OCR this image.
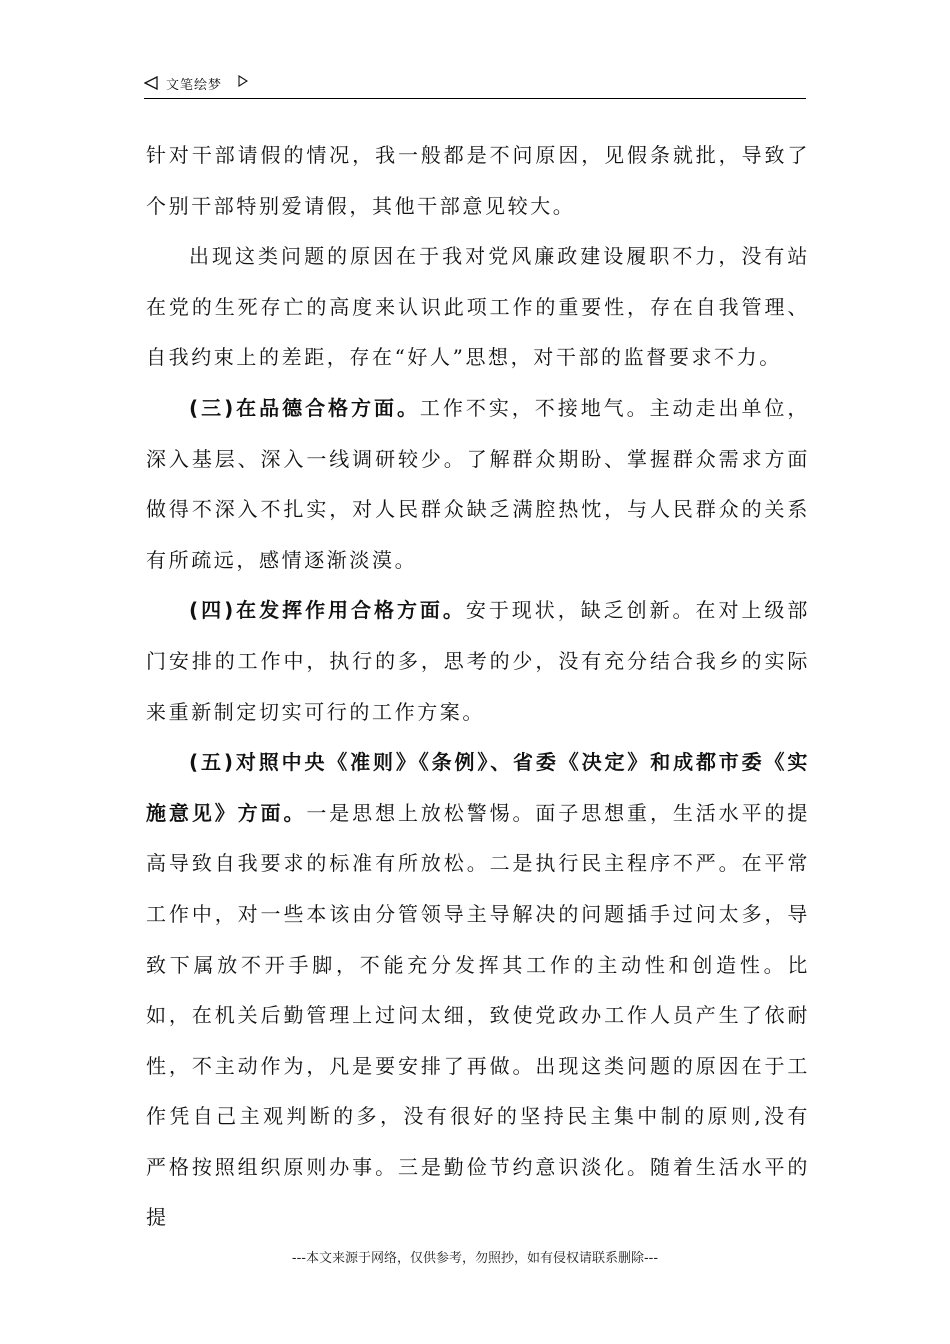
文笔绘梦

针对干部请假的情况，我一般都是不问原因，见假条就批，导致了个别干部特别爱请假，其他干部意见较大。

出现这类问题的原因在于我对党风廉政建设履职不力，没有站在党的生死存亡的高度来认识此项工作的重要性，存在自我管理、自我约束上的差距，存在“好人”思想，对干部的监督要求不力。

(三)在品德合格方面。工作不实，不接地气。主动走出单位，深入基层、深入一线调研较少。了解群众期盼、掌握群众需求方面做得不深入不扎实，对人民群众缺乏满腔热忱，与人民群众的关系有所疏远，感情逐渐淡漠。

(四)在发挥作用合格方面。安于现状，缺乏创新。在对上级部门安排的工作中，执行的多，思考的少，没有充分结合我乡的实际来重新制定切实可行的工作方案。

(五)对照中央《准则》《条例》、省委《决定》和成都市委《实施意见》方面。一是思想上放松警惕。面子思想重，生活水平的提高导致自我要求的标准有所放松。二是执行民主程序不严。在平常工作中，对一些本该由分管领导主导解决的问题插手过问太多，导致下属放不开手脚，不能充分发挥其工作的主动性和创造性。比如，在机关后勤管理上过问太细，致使党政办工作人员产生了依耐性，不主动作为，凡是要安排了再做。出现这类问题的原因在于工作凭自己主观判断的多，没有很好的坚持民主集中制的原则,没有严格按照组织原则办事。三是勤俭节约意识淡化。随着生活水平的提

---本文来源于网络，仅供参考，勿照抄，如有侵权请联系删除---
